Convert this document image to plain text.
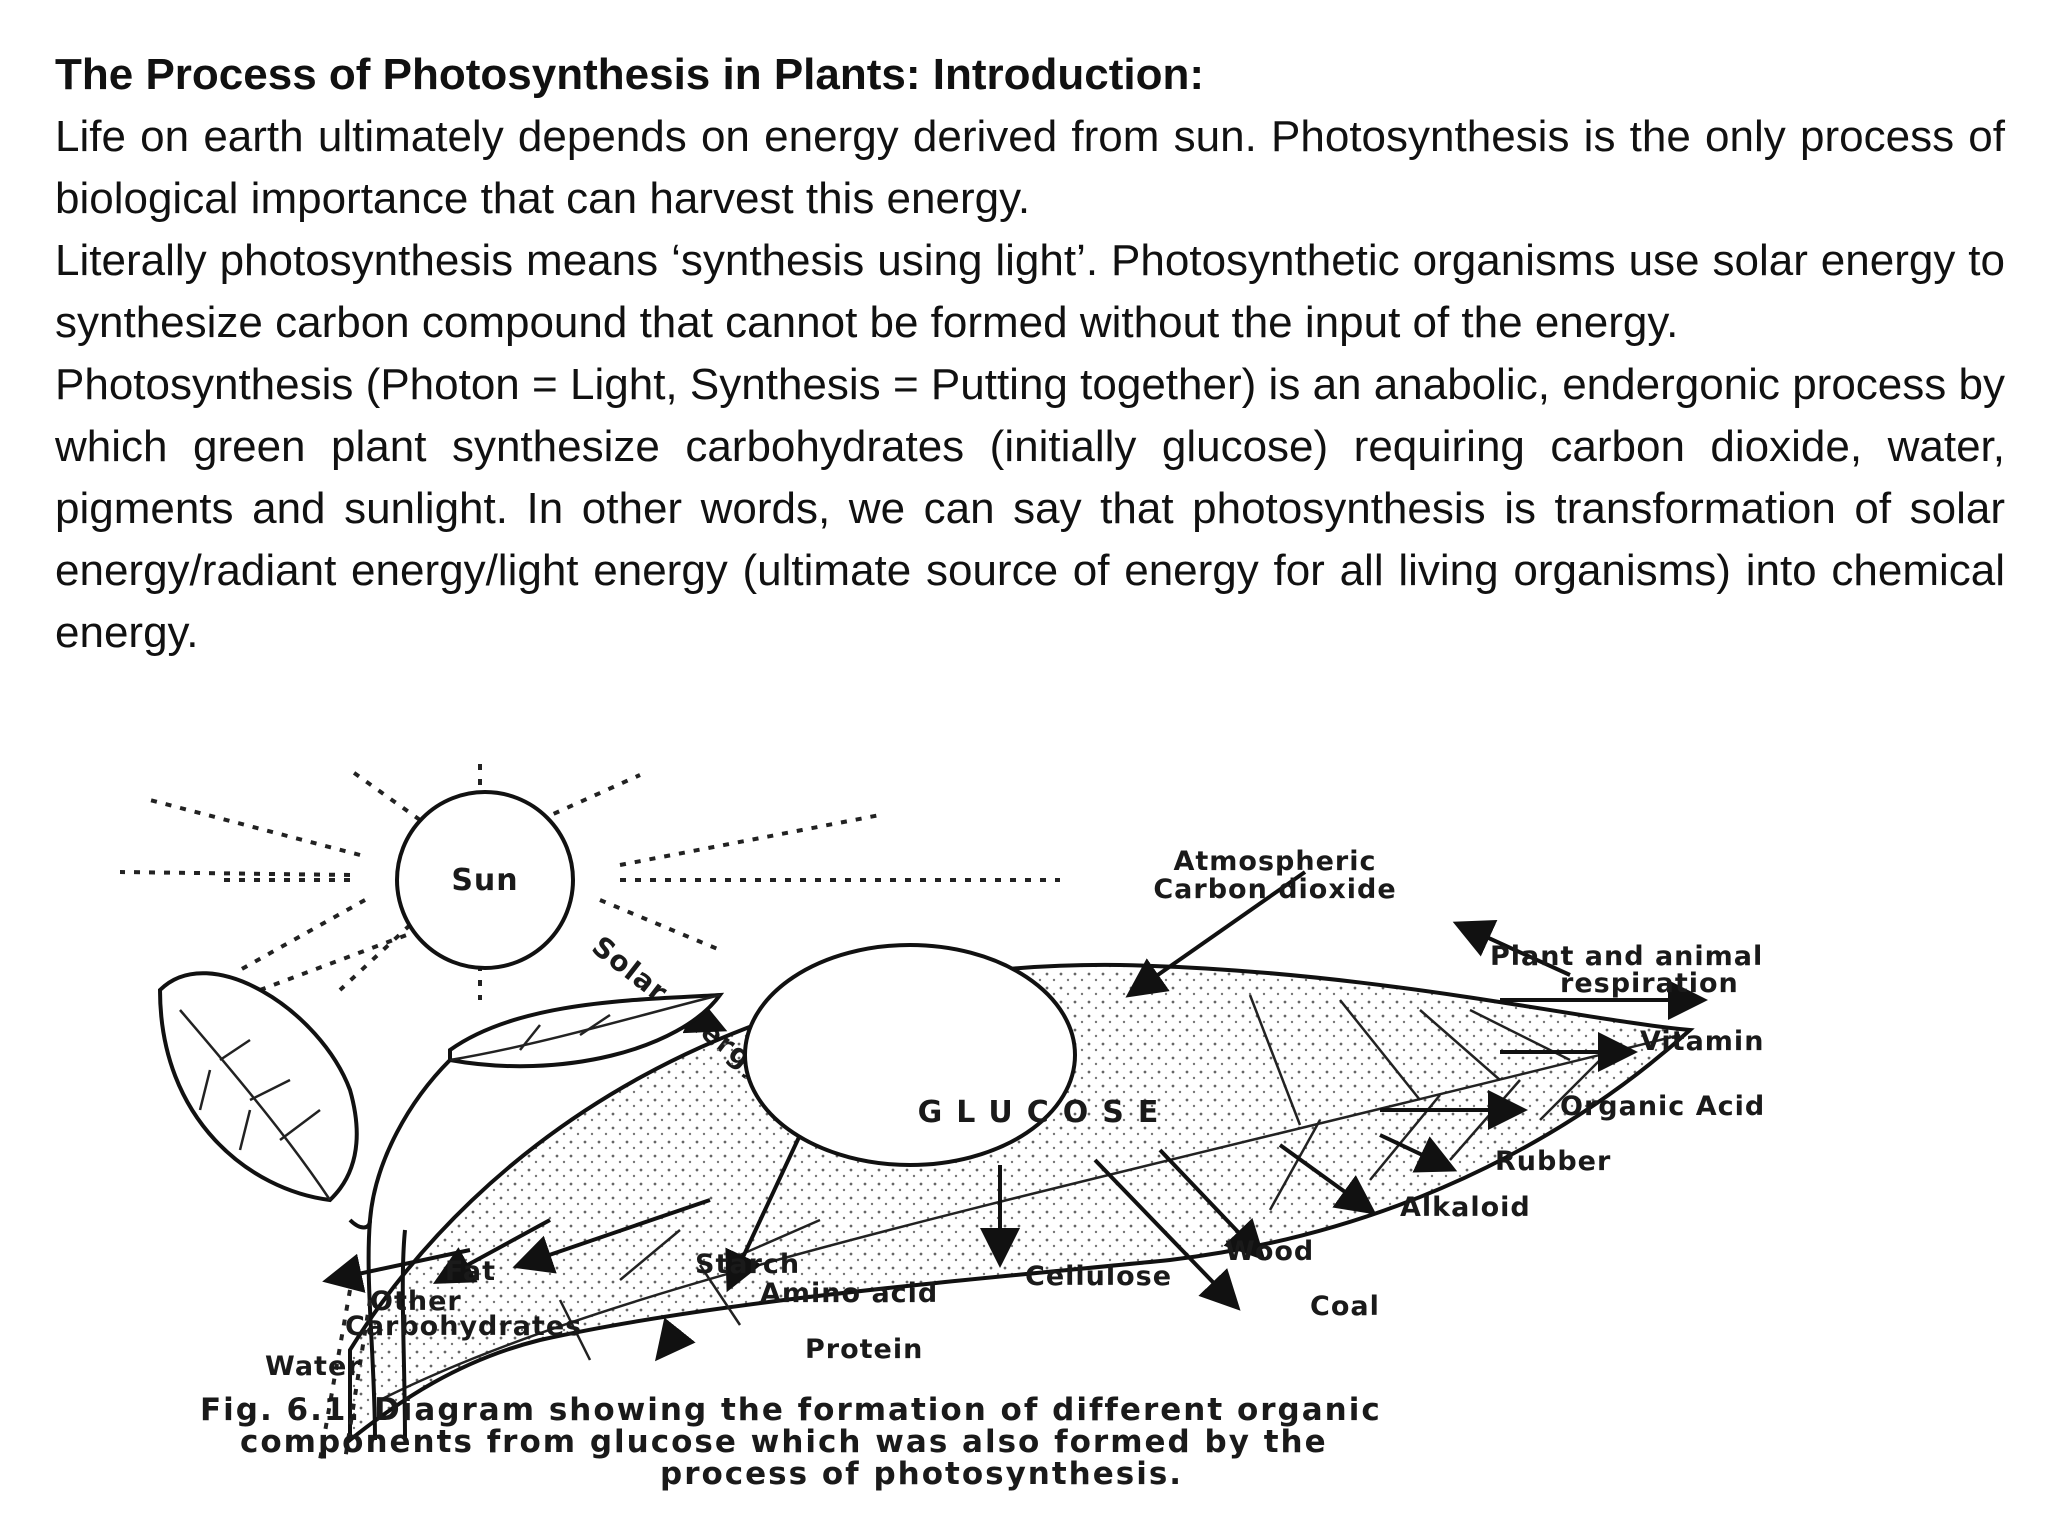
The Process of Photosynthesis in Plants: Introduction:

Life on earth ultimately depends on energy derived from sun. Photosynthesis is the only process of biological importance that can harvest this energy.

Literally photosynthesis means ‘synthesis using light’. Photosynthetic organisms use solar energy to synthesize carbon compound that cannot be formed without the input of the energy.

Photosynthesis (Photon = Light, Synthesis = Putting together) is an anabolic, endergonic process by which green plant synthesize carbohydrates (initially glucose) requiring carbon dioxide, water, pigments and sunlight. In other words, we can say that photosynthesis is transformation of solar energy/radiant energy/light energy (ultimate source of energy for all living organisms) into chemical energy.

Sun
Solar
GLUCOSE
Atmospheric
Carbon dioxide
Plant and animal
respiration
Vitamin
Organic Acid
Rubber
Alkaloid
Wood
Coal
Cellulose
Starch
Fat
Amino acid
Protein
Other
Carbohydrates
Water
Fig. 6.1. Diagram showing the formation of different organic
components from glucose which was also formed by the
process of photosynthesis.
